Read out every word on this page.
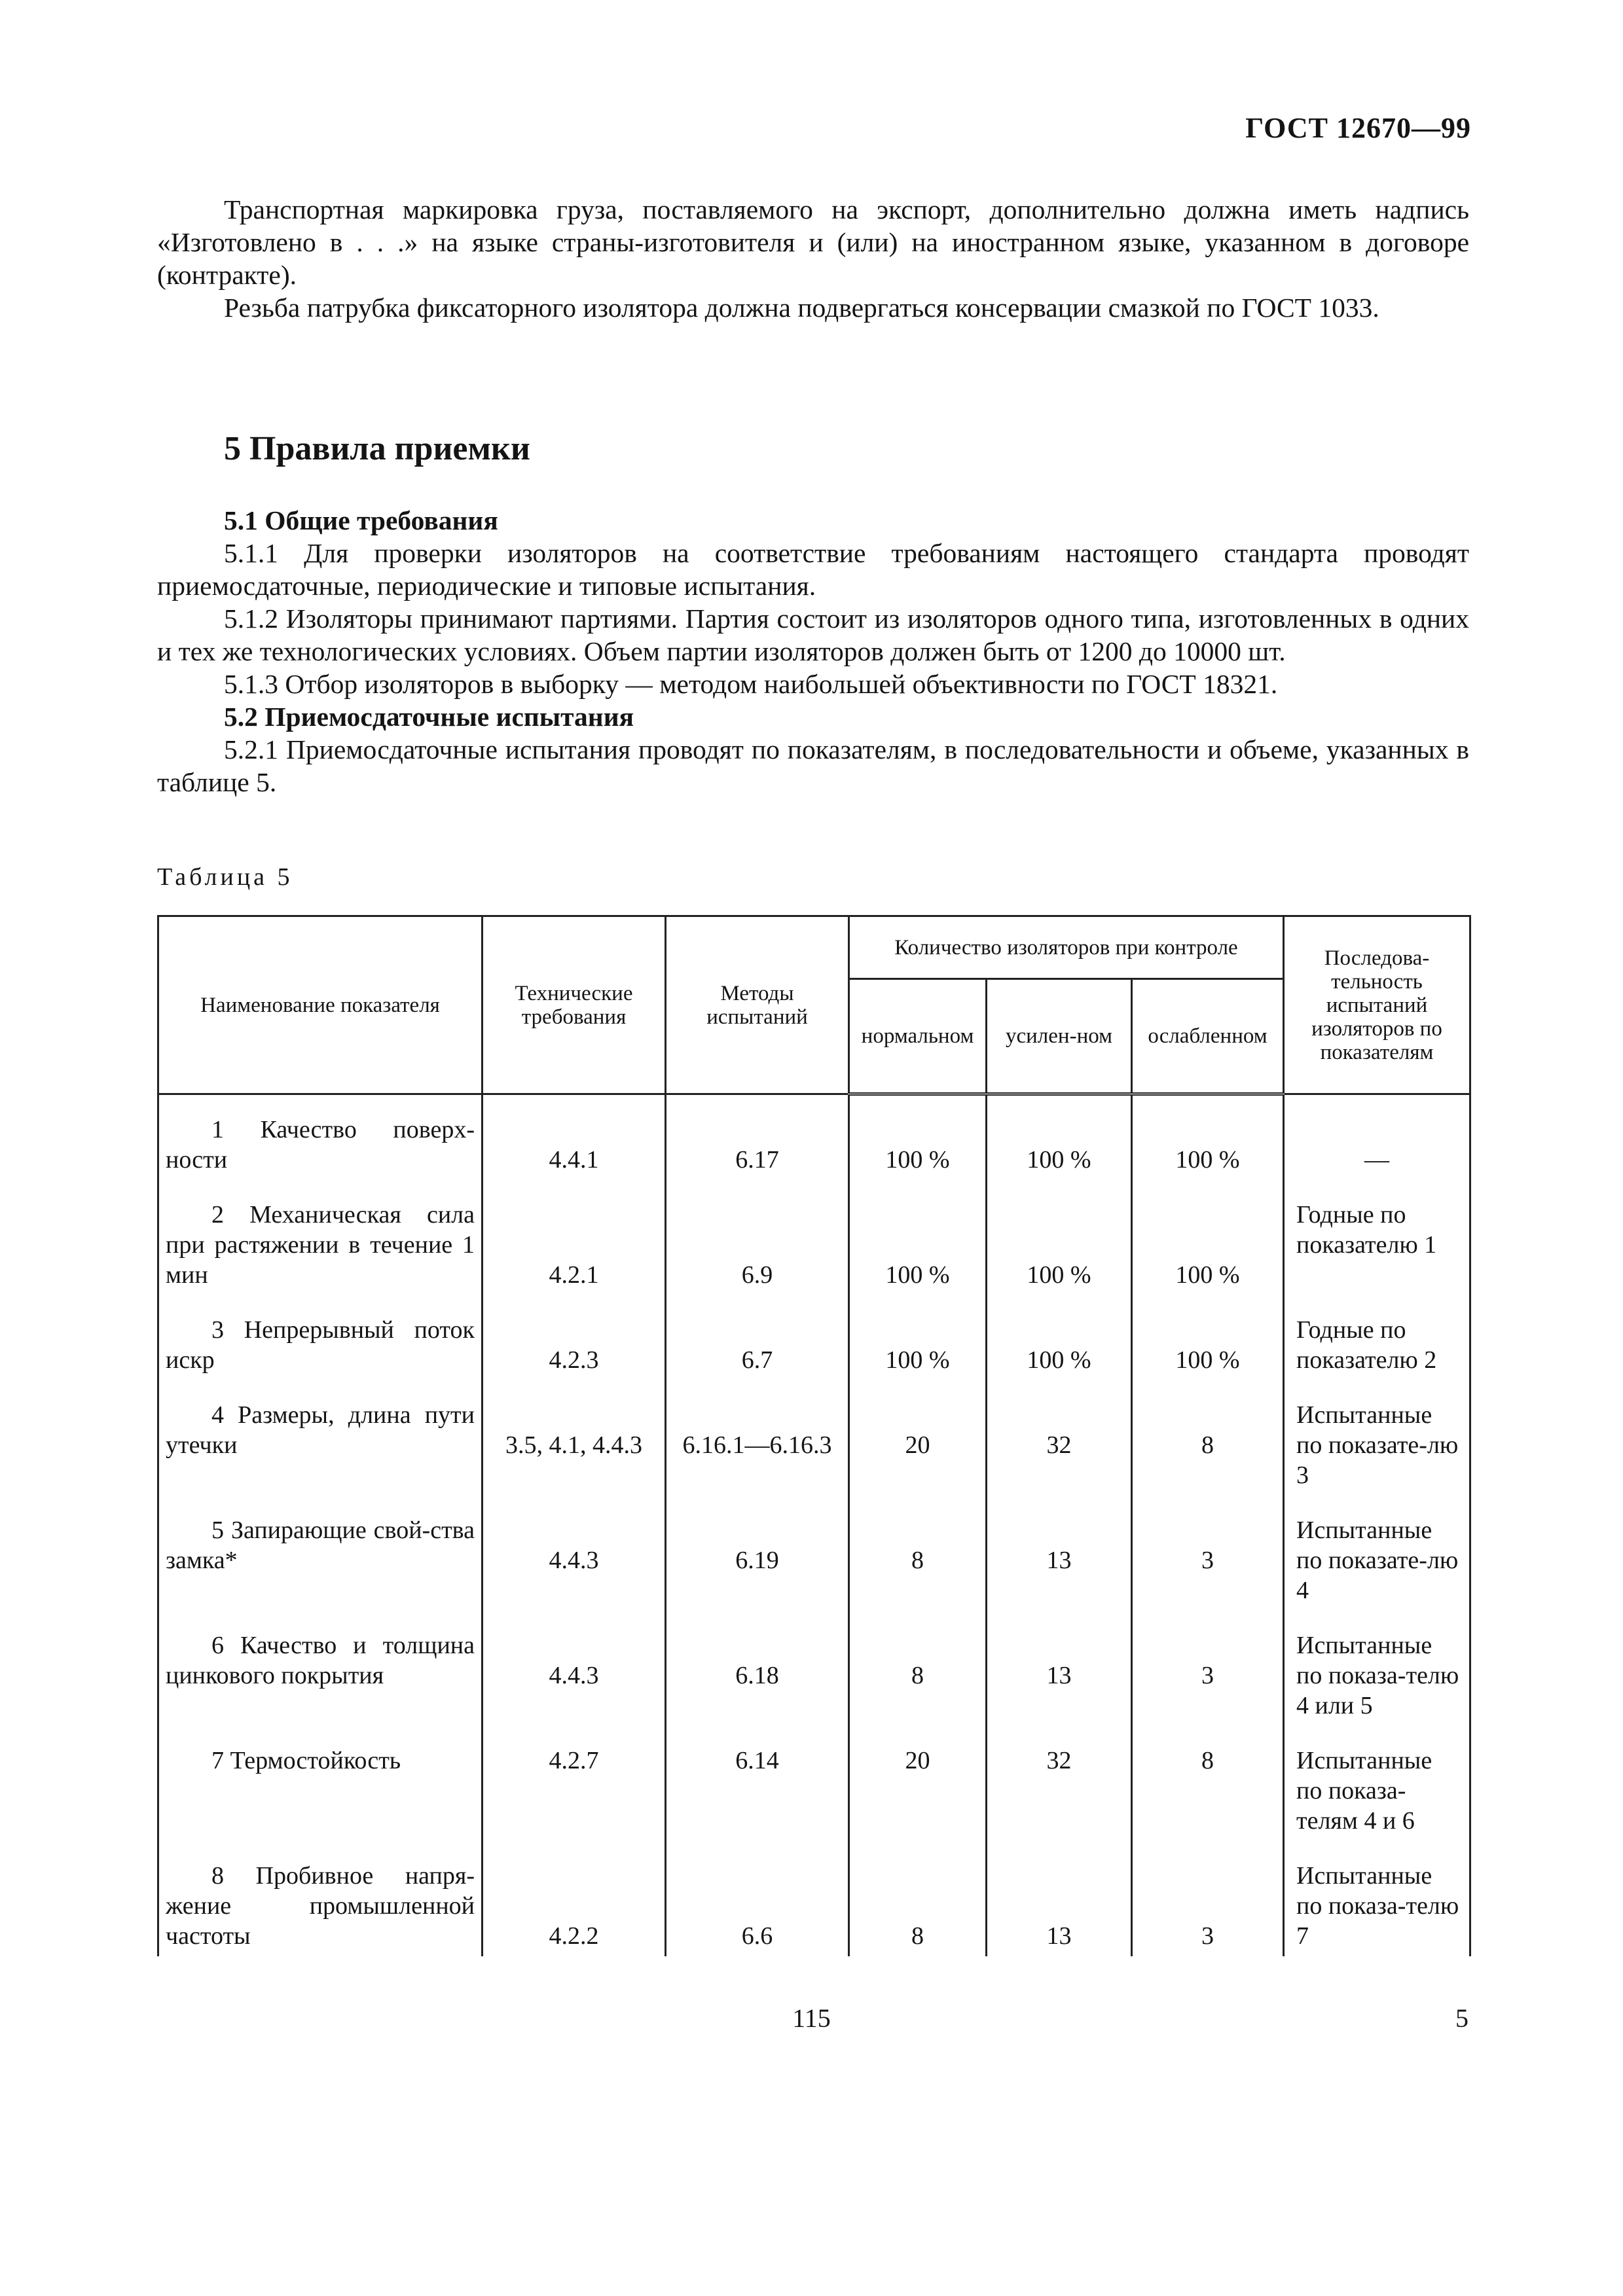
ГОСТ 12670—99

Транспортная маркировка груза, поставляемого на экспорт, дополнительно должна иметь надпись «Изготовлено в . . .» на языке страны-изготовителя и (или) на иностранном языке, указанном в договоре (контракте).

Резьба патрубка фиксаторного изолятора должна подвергаться консервации смазкой по ГОСТ 1033.

5 Правила приемки

5.1 Общие требования

5.1.1 Для проверки изоляторов на соответствие требованиям настоящего стандарта проводят приемосдаточные, периодические и типовые испытания.

5.1.2 Изоляторы принимают партиями. Партия состоит из изоляторов одного типа, изготовленных в одних и тех же технологических условиях. Объем партии изоляторов должен быть от 1200 до 10000 шт.

5.1.3 Отбор изоляторов в выборку — методом наибольшей объективности по ГОСТ 18321.

5.2 Приемосдаточные испытания

5.2.1 Приемосдаточные испытания проводят по показателям, в последовательности и объеме, указанных в таблице 5.

Таблица 5

Наименование показателя	Технические требования	Методы испытаний	Количество изоляторов при контроле			Последова-тельность испытаний изоляторов по показателям
			нормальном	усилен-ном	ослабленном	

1 Качество поверх-ности	4.4.1	6.17	100 %	100 %	100 %	—

2 Механическая сила при растяжении в течение 1 мин	4.2.1	6.9	100 %	100 %	100 %	Годные по показателю 1

3 Непрерывный поток искр	4.2.3	6.7	100 %	100 %	100 %	Годные по показателю 2

4 Размеры, длина пути утечки	3.5, 4.1, 4.4.3	6.16.1—6.16.3	20	32	8	Испытанные по показате-лю 3

5 Запирающие свой-ства замка*	4.4.3	6.19	8	13	3	Испытанные по показате-лю 4

6 Качество и толщина цинкового покрытия	4.4.3	6.18	8	13	3	Испытанные по показа-телю 4 или 5

7 Термостойкость	4.2.7	6.14	20	32	8	Испытанные по показа-телям 4 и 6

8 Пробивное напря-жение промышленной частоты	4.2.2	6.6	8	13	3	Испытанные по показа-телю 7
115	5
